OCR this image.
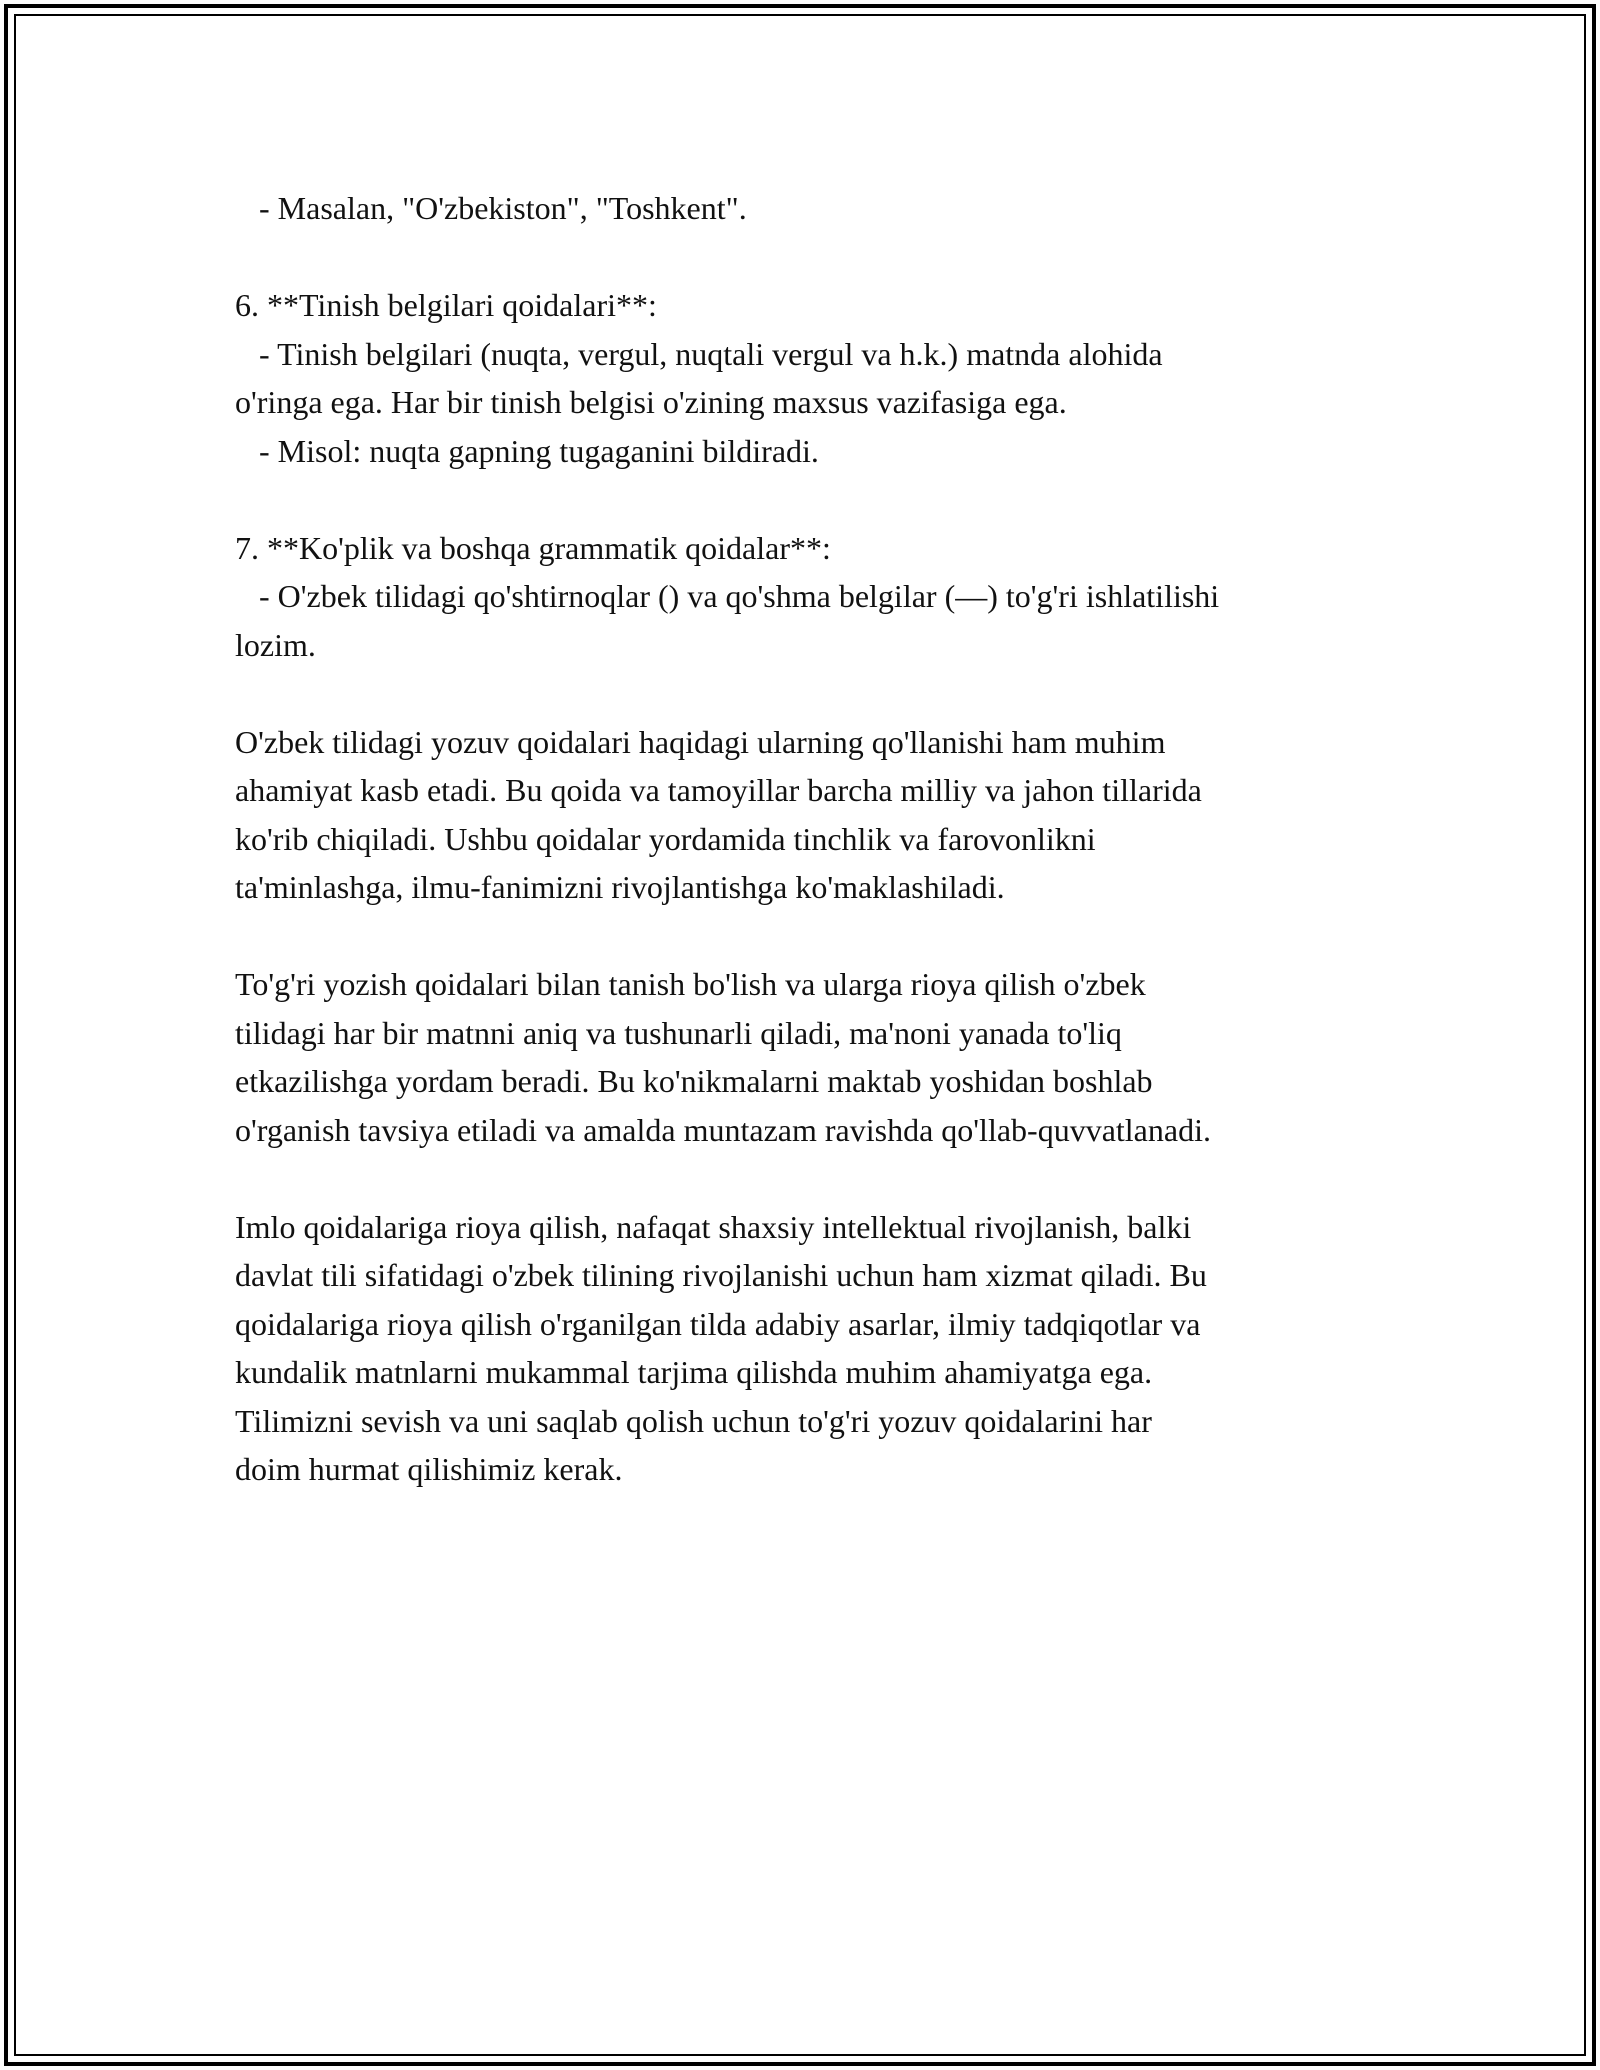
- Masalan, "O'zbekiston", "Toshkent".
6. **Tinish belgilari qoidalari**:
- Tinish belgilari (nuqta, vergul, nuqtali vergul va h.k.) matnda alohida
o'ringa ega. Har bir tinish belgisi o'zining maxsus vazifasiga ega.
- Misol: nuqta gapning tugaganini bildiradi.
7. **Ko'plik va boshqa grammatik qoidalar**:
- O'zbek tilidagi qo'shtirnoqlar () va qo'shma belgilar (—) to'g'ri ishlatilishi
lozim.
O'zbek tilidagi yozuv qoidalari haqidagi ularning qo'llanishi ham muhim
ahamiyat kasb etadi. Bu qoida va tamoyillar barcha milliy va jahon tillarida
ko'rib chiqiladi. Ushbu qoidalar yordamida tinchlik va farovonlikni
ta'minlashga, ilmu-fanimizni rivojlantishga ko'maklashiladi.
To'g'ri yozish qoidalari bilan tanish bo'lish va ularga rioya qilish o'zbek
tilidagi har bir matnni aniq va tushunarli qiladi, ma'noni yanada to'liq
etkazilishga yordam beradi. Bu ko'nikmalarni maktab yoshidan boshlab
o'rganish tavsiya etiladi va amalda muntazam ravishda qo'llab-quvvatlanadi.
Imlo qoidalariga rioya qilish, nafaqat shaxsiy intellektual rivojlanish, balki
davlat tili sifatidagi o'zbek tilining rivojlanishi uchun ham xizmat qiladi. Bu
qoidalariga rioya qilish o'rganilgan tilda adabiy asarlar, ilmiy tadqiqotlar va
kundalik matnlarni mukammal tarjima qilishda muhim ahamiyatga ega.
Tilimizni sevish va uni saqlab qolish uchun to'g'ri yozuv qoidalarini har
doim hurmat qilishimiz kerak.
